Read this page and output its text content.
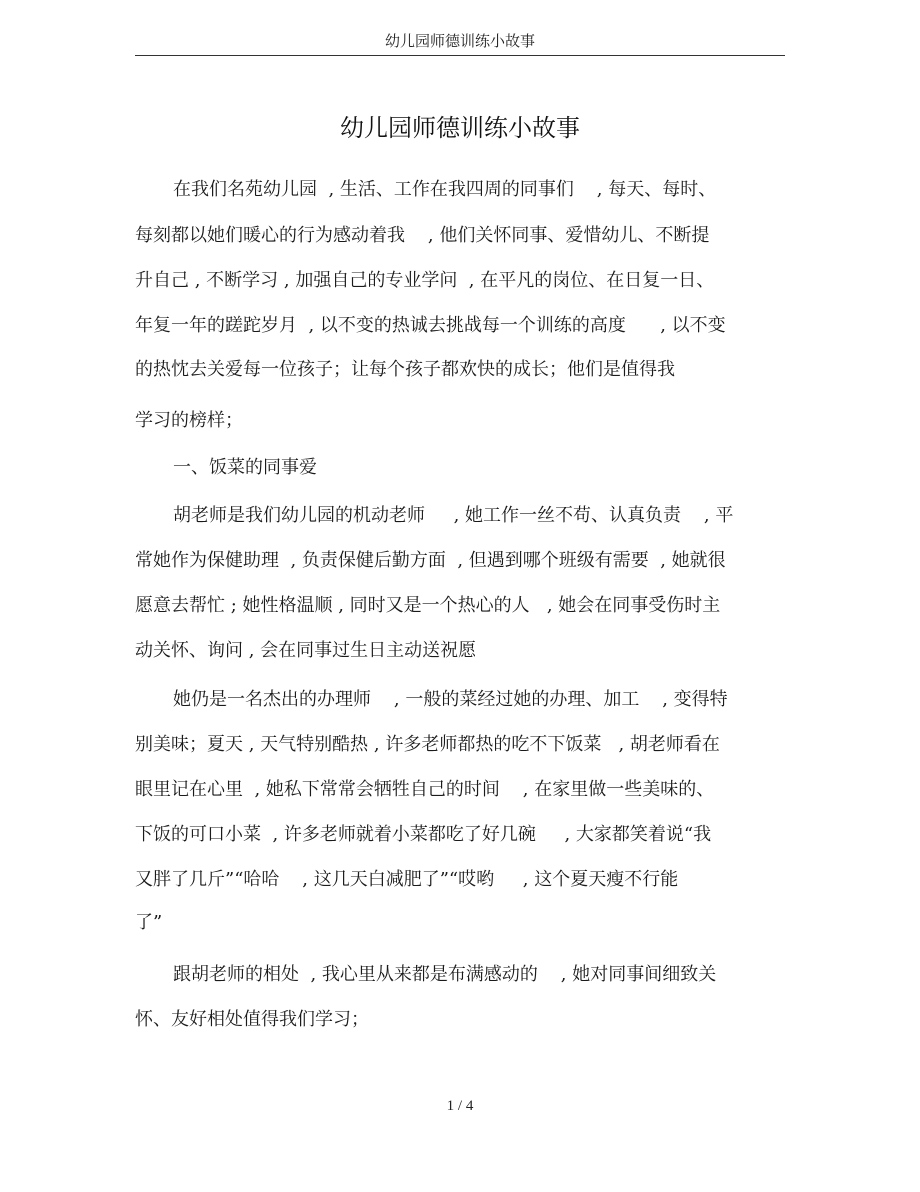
幼儿园师德训练小故事
幼儿园师德训练小故事
在我们名苑幼儿园  , 生活、工作在我四周的同事们    , 每天、每时、
每刻都以她们暖心的行为感动着我    , 他们关怀同事、爱惜幼儿、不断提
升自己 , 不断学习 , 加强自己的专业学问  , 在平凡的岗位、在日复一日、
年复一年的蹉跎岁月  , 以不变的热诚去挑战每一个训练的高度      , 以不变
的热忱去关爱每一位孩子；让每个孩子都欢快的成长；他们是值得我
学习的榜样；
一、饭菜的同事爱
胡老师是我们幼儿园的机动老师     , 她工作一丝不苟、认真负责    , 平
常她作为保健助理  , 负责保健后勤方面  , 但遇到哪个班级有需要  , 她就很
愿意去帮忙 ; 她性格温顺 , 同时又是一个热心的人   , 她会在同事受伤时主
动关怀、询问 , 会在同事过生日主动送祝愿
她仍是一名杰出的办理师    , 一般的菜经过她的办理、加工    , 变得特
别美味；夏天 , 天气特别酷热 , 许多老师都热的吃不下饭菜   , 胡老师看在
眼里记在心里  , 她私下常常会牺牲自己的时间    , 在家里做一些美味的、
下饭的可口小菜  , 许多老师就着小菜都吃了好几碗     , 大家都笑着说“我
又胖了几斤”“哈哈    , 这几天白减肥了”“哎哟     , 这个夏天瘦不行能
了”
跟胡老师的相处  , 我心里从来都是布满感动的    , 她对同事间细致关
怀、友好相处值得我们学习；
1 / 4
